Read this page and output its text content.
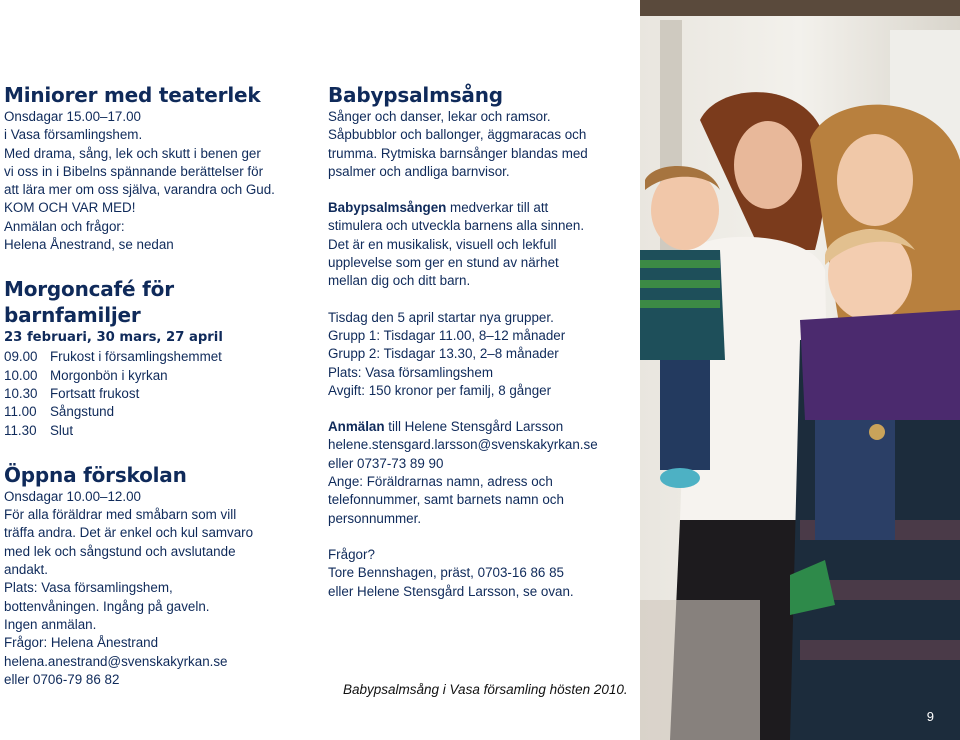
Miniorer med teaterlek
Onsdagar 15.00–17.00
i Vasa församlingshem.
Med drama, sång, lek och skutt i benen ger
vi oss in i Bibelns spännande berättelser för
att lära mer om oss själva, varandra och Gud.
KOM OCH VAR MED!
Anmälan och frågor:
Helena Ånestrand, se nedan
Morgoncafé för barnfamiljer
23 februari, 30 mars, 27 april
09.00 Frukost i församlingshemmet
10.00 Morgonbön i kyrkan
10.30 Fortsatt frukost
11.00	Sångstund
11.30	Slut
Öppna förskolan
Onsdagar 10.00–12.00
För alla föräldrar med småbarn som vill
träffa andra. Det är enkel och kul samvaro
med lek och sångstund och avslutande
andakt.
Plats: Vasa församlingshem,
bottenvåningen. Ingång på gaveln.
Ingen anmälan.
Frågor: Helena Ånestrand
helena.anestrand@svenskakyrkan.se
eller 0706-79 86 82
Babypsalmsång
Sånger och danser, lekar och ramsor.
Såpbubblor och ballonger, äggmaracas och
trumma. Rytmiska barnsånger blandas med
psalmer och andliga barnvisor.
Babypsalmsången medverkar till att
stimulera och utveckla barnens alla sinnen.
Det är en musikalisk, visuell och lekfull
upplevelse som ger en stund av närhet
mellan dig och ditt barn.
Tisdag den 5 april startar nya grupper.
Grupp 1: Tisdagar 11.00, 8–12 månader
Grupp 2: Tisdagar 13.30, 2–8 månader
Plats: Vasa församlingshem
Avgift: 150 kronor per familj, 8 gånger
Anmälan till Helene Stensgård Larsson
helene.stensgard.larsson@svenskakyrkan.se
eller 0737-73 89 90
Ange: Föräldrarnas namn, adress och
telefonnummer, samt barnets namn och
personnummer.
Frågor?
Tore Bennshagen, präst, 0703-16 86 85
eller Helene Stensgård Larsson, se ovan.
Babypsalmsång i Vasa församling hösten 2010.
9
